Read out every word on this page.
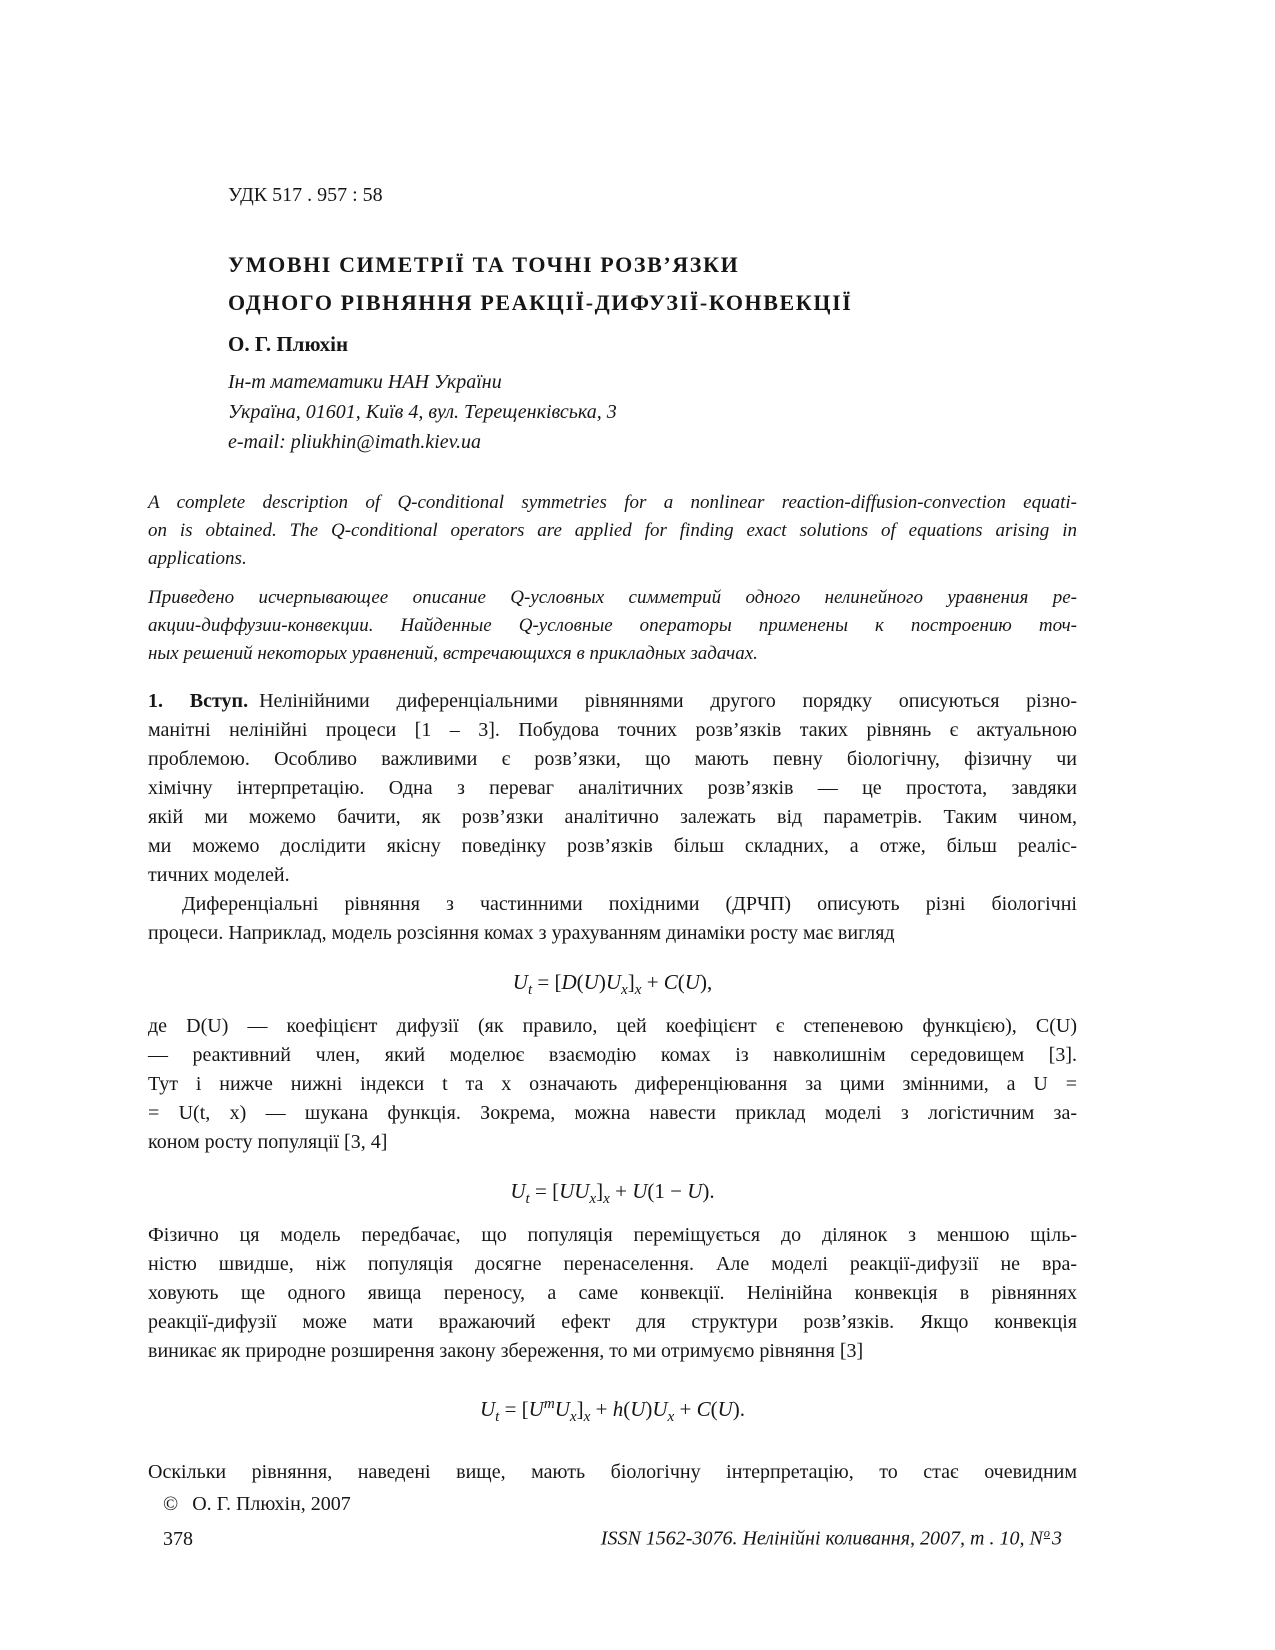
УДК 517 . 957 : 58
УМОВНІ СИМЕТРІЇ ТА ТОЧНІ РОЗВ’ЯЗКИ
ОДНОГО РІВНЯННЯ РЕАКЦІЇ-ДИФУЗІЇ-КОНВЕКЦІЇ
О. Г. Плюхін
Ін-т математики НАН України
Україна, 01601, Київ 4, вул. Терещенківська, 3
e-mail: pliukhin@imath.kiev.ua
A complete description of Q-conditional symmetries for a nonlinear reaction-diffusion-convection equati-
on is obtained. The Q-conditional operators are applied for finding exact solutions of equations arising in
applications.
Приведено исчерпывающее описание Q-условных симметрий одного нелинейного уравнения ре-
акции-диффузии-конвекции. Найденные Q-условные операторы применены к построению точ-
ных решений некоторых уравнений, встречающихся в прикладных задачах.
1. Вступ. Нелінійними диференціальними рівняннями другого порядку описуються різно-
манітні нелінійні процеси [1 – 3]. Побудова точних розв’язків таких рівнянь є актуальною
проблемою. Особливо важливими є розв’язки, що мають певну біологічну, фізичну чи
хімічну інтерпретацію. Одна з переваг аналітичних розв’язків — це простота, завдяки
якій ми можемо бачити, як розв’язки аналітично залежать від параметрів. Таким чином,
ми можемо дослідити якісну поведінку розв’язків більш складних, а отже, більш реаліс-
тичних моделей.
Диференціальні рівняння з частинними похідними (ДРЧП) описують різні біологічні
процеси. Наприклад, модель розсіяння комах з урахуванням динаміки росту має вигляд
$U_t = [D(U)U_x]_x + C(U)$,
де D(U) — коефіцієнт дифузії (як правило, цей коефіцієнт є степеневою функцією), C(U)
— реактивний член, який моделює взаємодію комах із навколишнім середовищем [3].
Тут і нижче нижні індекси t та x означають диференціювання за цими змінними, а U =
= U(t, x) — шукана функція. Зокрема, можна навести приклад моделі з логістичним за-
коном росту популяції [3, 4]
$U_t = [UU_x]_x + U(1 - U)$.
Фізично ця модель передбачає, що популяція переміщується до ділянок з меншою щіль-
ністю швидше, ніж популяція досягне перенаселення. Але моделі реакції-дифузії не вра-
ховують ще одного явища переносу, а саме конвекції. Нелінійна конвекція в рівняннях
реакції-дифузії може мати вражаючий ефект для структури розв’язків. Якщо конвекція
виникає як природне розширення закону збереження, то ми отримуємо рівняння [3]
$U_t = [U^mU_x]_x + h(U)U_x + C(U)$.
Оскільки рівняння, наведені вище, мають біологічну інтерпретацію, то стає очевидним
© О. Г. Плюхін, 2007
378	ISSN 1562-3076. Нелінійні коливання, 2007, т . 10, $N^o$ 3
